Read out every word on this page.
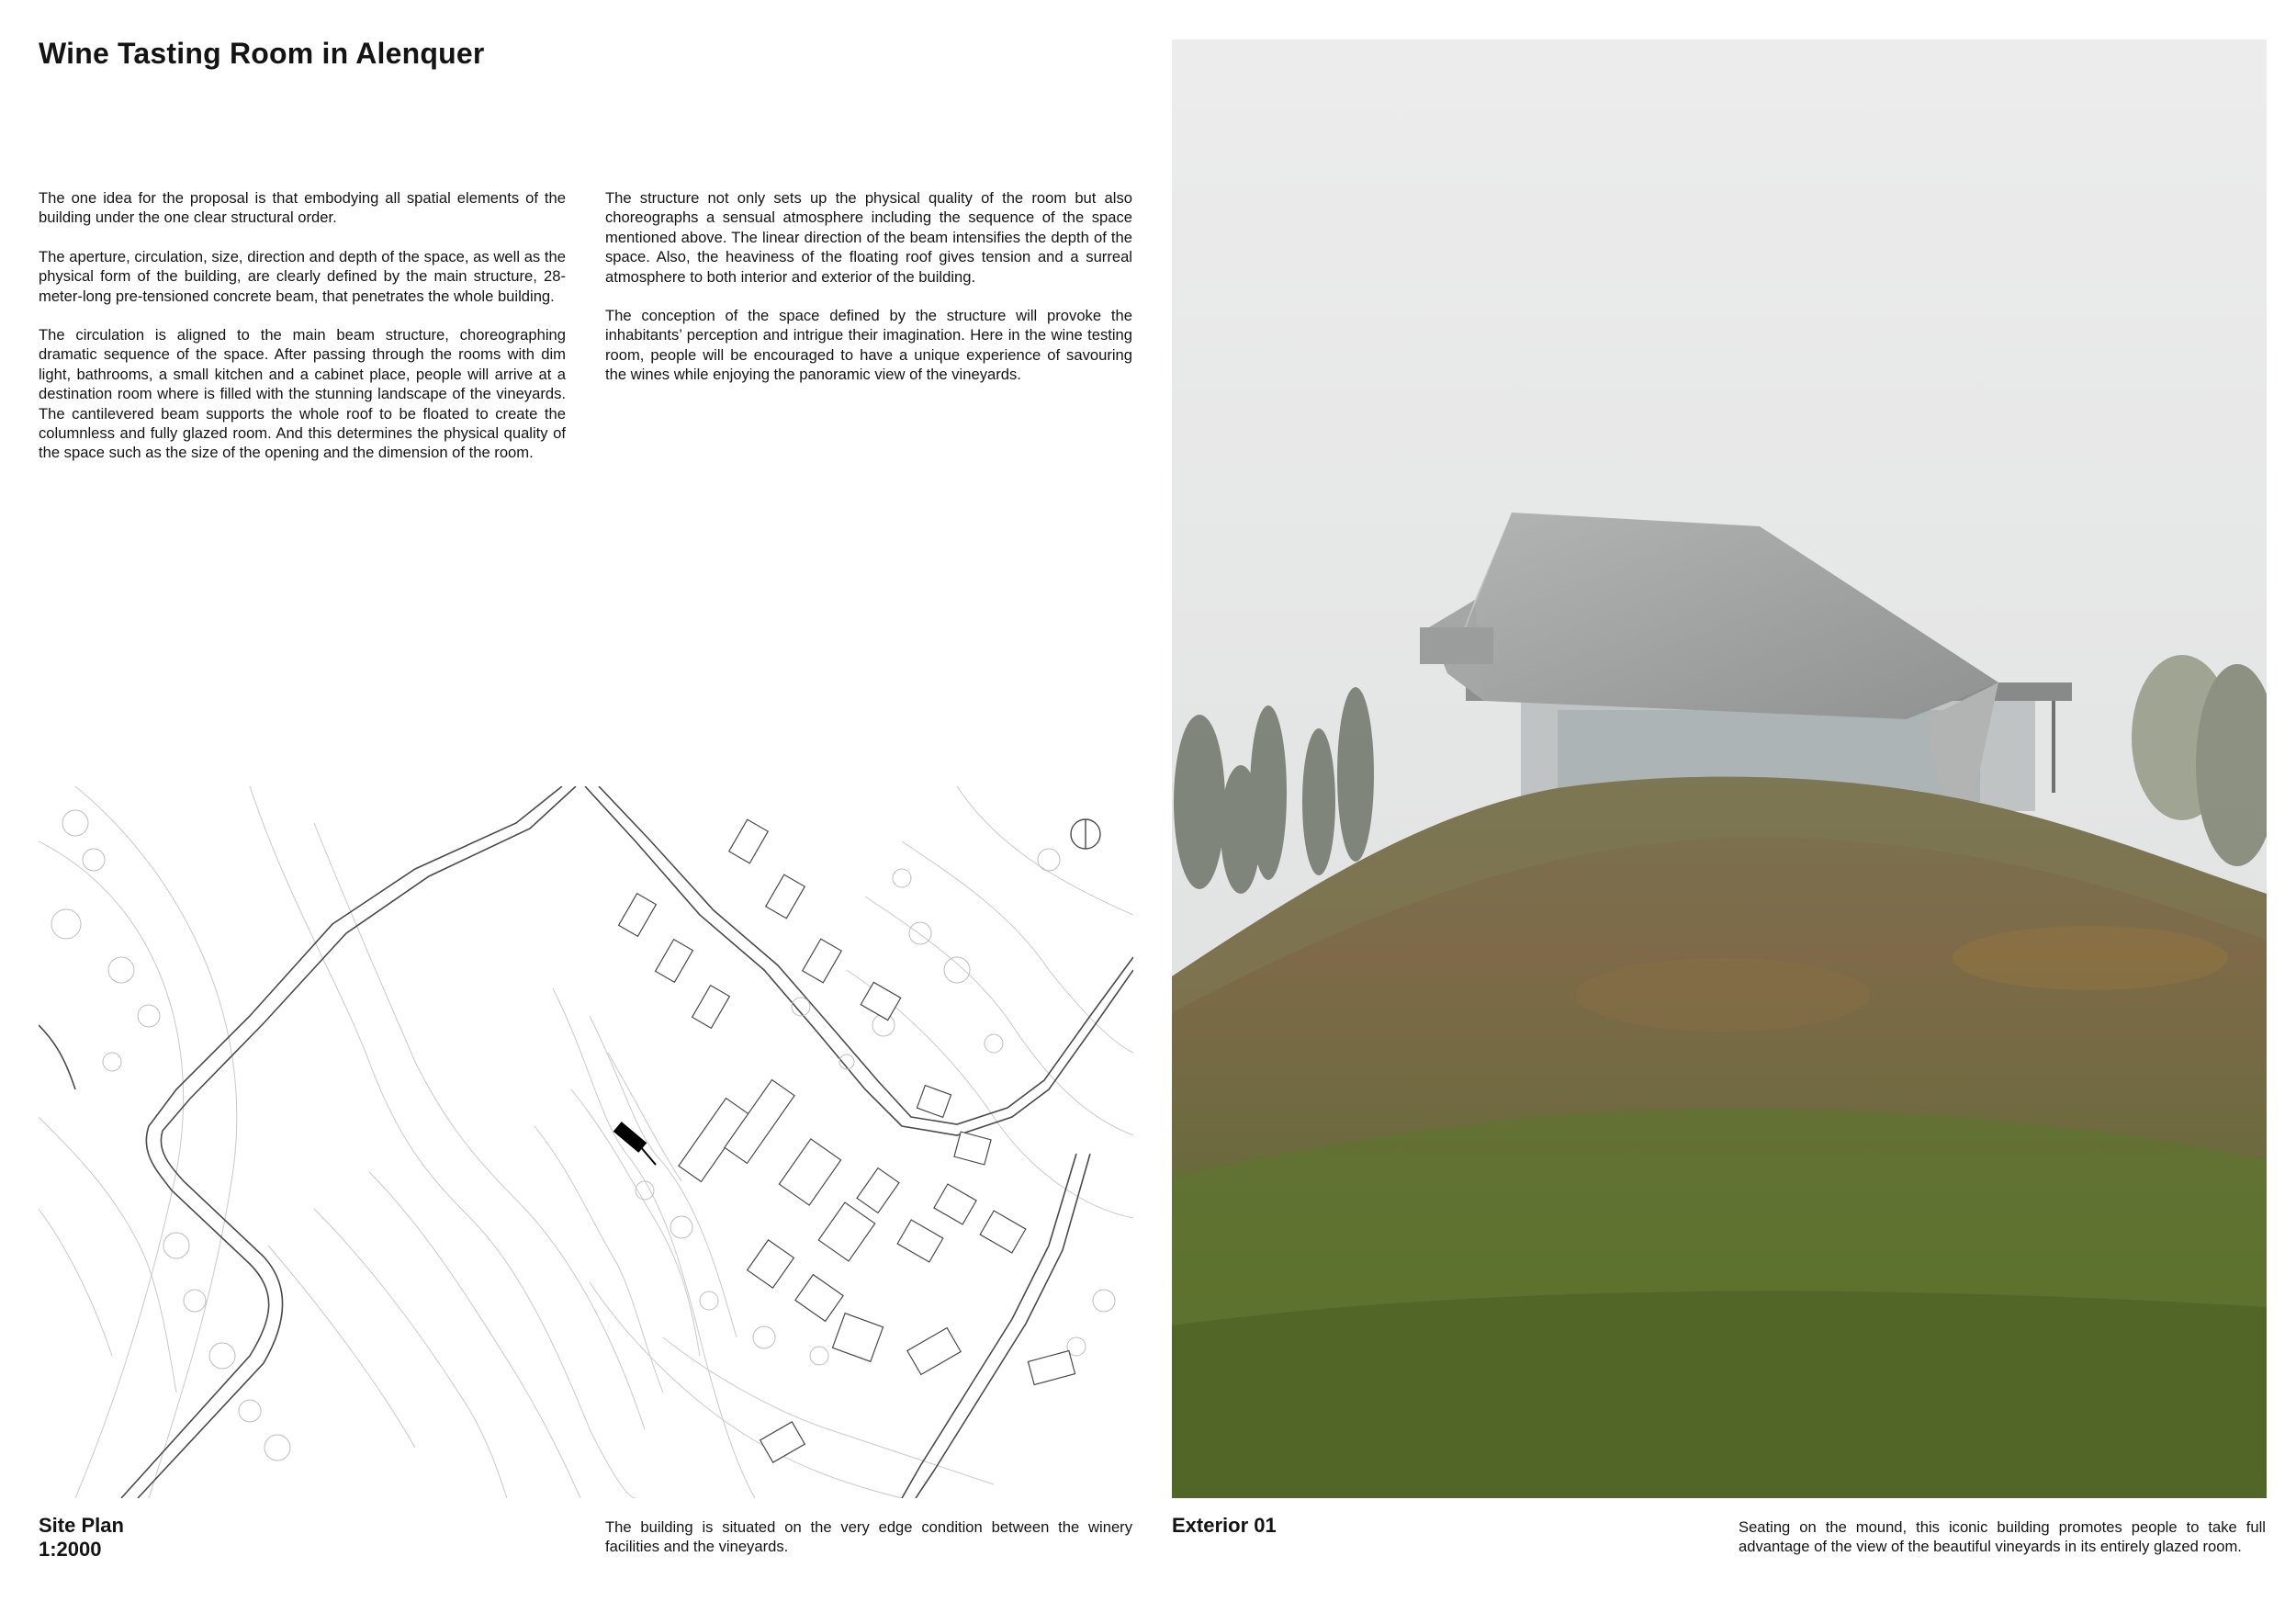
Wine Tasting Room in Alenquer

The one idea for the proposal is that embodying all spatial elements of the building under the one clear structural order.

The aperture, circulation, size, direction and depth of the space, as well as the physical form of the building, are clearly defined by the main structure, 28-meter-long pre-tensioned concrete beam, that penetrates the whole building.

The circulation is aligned to the main beam structure, choreographing dramatic sequence of the space. After passing through the rooms with dim light, bathrooms, a small kitchen and a cabinet place, people will arrive at a destination room where is filled with the stunning landscape of the vineyards. The cantilevered beam supports the whole roof to be floated to create the columnless and fully glazed room. And this determines the physical quality of the space such as the size of the opening and the dimension of the room.

The structure not only sets up the physical quality of the room but also choreographs a sensual atmosphere including the sequence of the space mentioned above. The linear direction of the beam intensifies the depth of the space. Also, the heaviness of the floating roof gives tension and a surreal atmosphere to both interior and exterior of the building.

The conception of the space defined by the structure will provoke the inhabitants’ perception and intrigue their imagination. Here in the wine testing room, people will be encouraged to have a unique experience of savouring the wines while enjoying the panoramic view of the vineyards.

Site Plan
1:2000
The building is situated on the very edge condition between the winery facilities and the vineyards.
Exterior 01	Seating on the mound, this iconic building promotes people to take full advantage of the view of the beautiful vineyards in its entirely glazed room.
